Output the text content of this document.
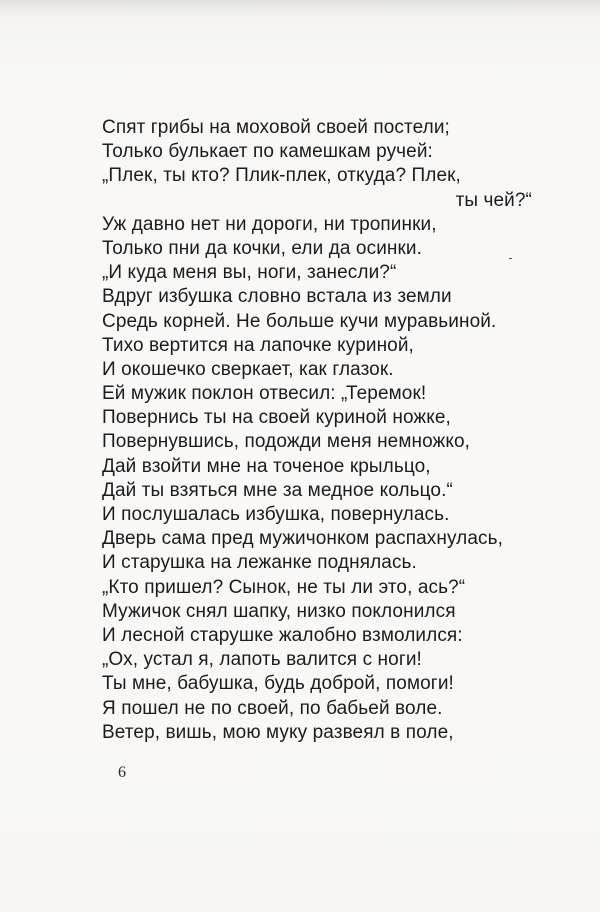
Спят грибы на моховой своей постели;
Только булькает по камешкам ручей:
„Плек, ты кто? Плик-плек, откуда? Плек,
ты чей?“
Уж давно нет ни дороги, ни тропинки,
Только пни да кочки, ели да осинки.
„И куда меня вы, ноги, занесли?“
Вдруг избушка словно встала из земли
Средь корней. Не больше кучи муравьиной.
Тихо вертится на лапочке куриной,
И окошечко сверкает, как глазок.
Ей мужик поклон отвесил: „Теремок!
Повернись ты на своей куриной ножке,
Повернувшись, подожди меня немножко,
Дай взойти мне на точеное крыльцо,
Дай ты взяться мне за медное кольцо.“
И послушалась избушка, повернулась.
Дверь сама пред мужичонком распахнулась,
И старушка на лежанке поднялась.
„Кто пришел? Сынок, не ты ли это, ась?“
Мужичок снял шапку, низко поклонился
И лесной старушке жалобно взмолился:
„Ох, устал я, лапоть валится с ноги!
Ты мне, бабушка, будь доброй, помоги!
Я пошел не по своей, по бабьей воле.
Ветер, вишь, мою муку развеял в поле,
6
